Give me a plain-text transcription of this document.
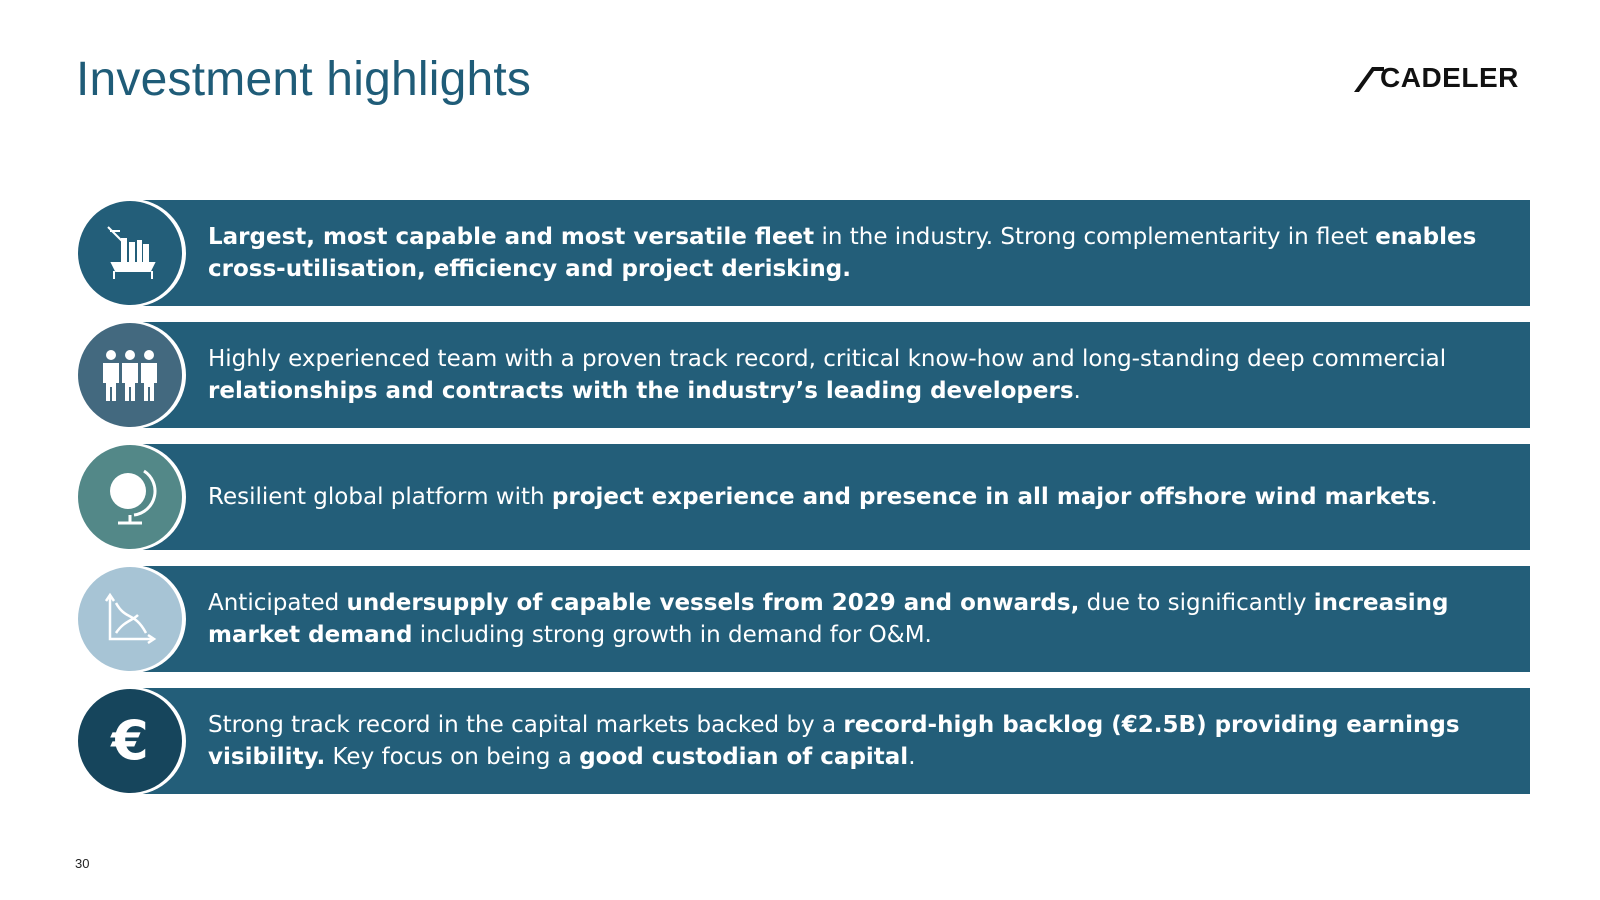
Investment highlights	CADELER

Largest, most capable and most versatile fleet in the industry. Strong complementarity in fleet enables cross-utilisation, efficiency and project derisking.

Highly experienced team with a proven track record, critical know-how and long-standing deep commercial relationships and contracts with the industry’s leading developers.

Resilient global platform with project experience and presence in all major offshore wind markets.

Anticipated undersupply of capable vessels from 2029 and onwards, due to significantly increasing market demand including strong growth in demand for O&M.

€	Strong track record in the capital markets backed by a record-high backlog (€2.5B) providing earnings visibility. Key focus on being a good custodian of capital.

30
